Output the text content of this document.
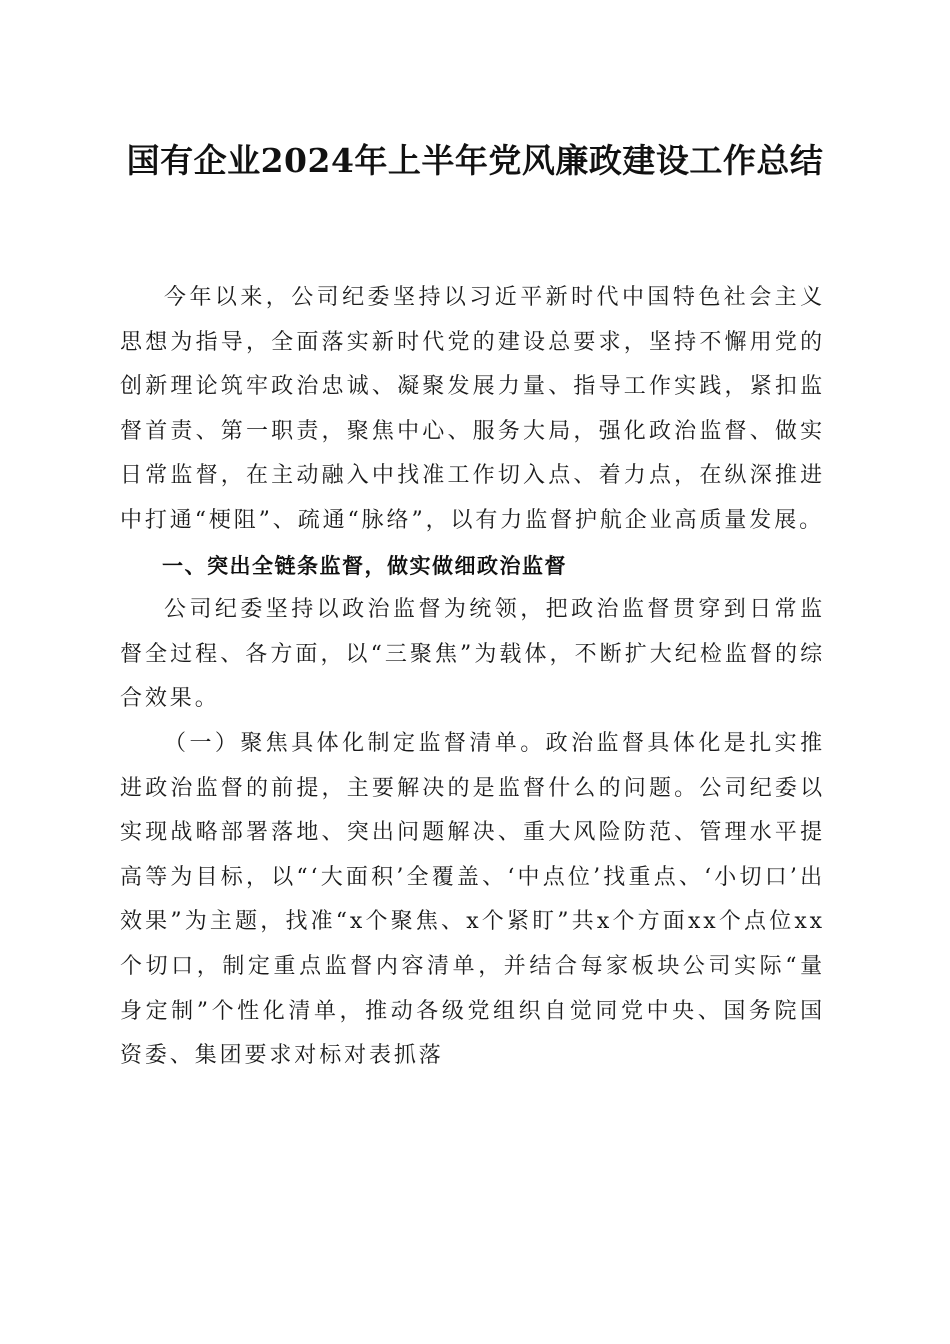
国有企业2024年上半年党风廉政建设工作总结

今年以来，公司纪委坚持以习近平新时代中国特色社会主义思想为指导，全面落实新时代党的建设总要求，坚持不懈用党的创新理论筑牢政治忠诚、凝聚发展力量、指导工作实践，紧扣监督首责、第一职责，聚焦中心、服务大局，强化政治监督、做实日常监督，在主动融入中找准工作切入点、着力点，在纵深推进中打通“梗阻”、疏通“脉络”，以有力监督护航企业高质量发展。

一、突出全链条监督，做实做细政治监督

公司纪委坚持以政治监督为统领，把政治监督贯穿到日常监督全过程、各方面，以“三聚焦”为载体，不断扩大纪检监督的综合效果。

（一）聚焦具体化制定监督清单。政治监督具体化是扎实推进政治监督的前提，主要解决的是监督什么的问题。公司纪委以实现战略部署落地、突出问题解决、重大风险防范、管理水平提高等为目标，以“‘大面积’全覆盖、‘中点位’找重点、‘小切口’出效果”为主题，找准“x个聚焦、x个紧盯”共x个方面xx个点位xx个切口，制定重点监督内容清单，并结合每家板块公司实际“量身定制”个性化清单，推动各级党组织自觉同党中央、国务院国资委、集团要求对标对表抓落
